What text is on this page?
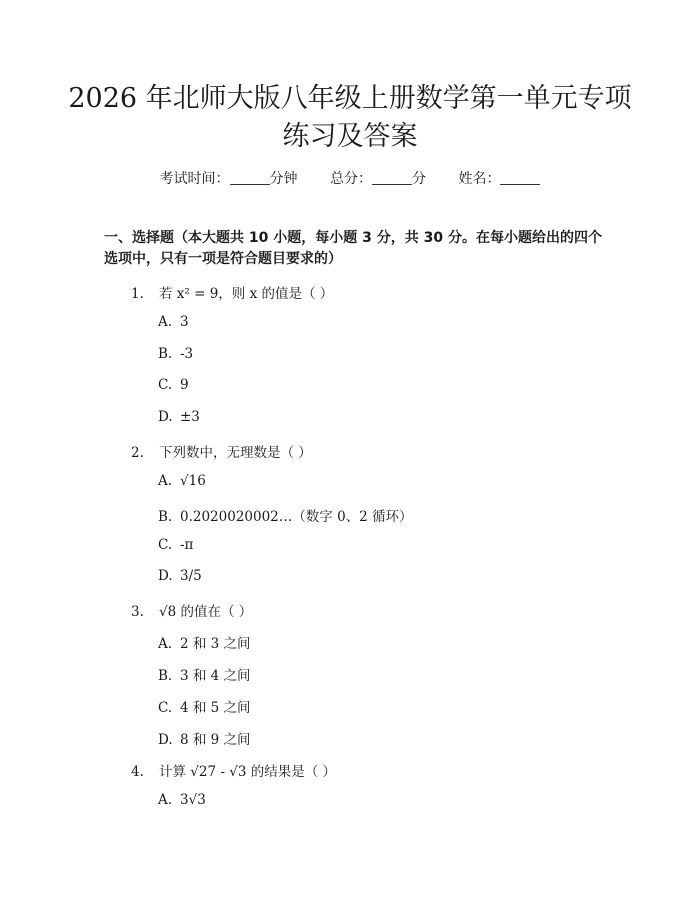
2026 年北师大版八年级上册数学第一单元专项练习及答案
考试时间：	分钟 总分：	分 姓名：
一、选择题（本大题共 10 小题，每小题 3 分，共 30 分。在每小题给出的四个选项中，只有一项是符合题目要求的）
1. 若 x² = 9，则 x 的值是（ ）
A. 3
B. -3
C. 9
D. ±3
2. 下列数中，无理数是（ ）
A. √16
B. 0.2020020002…（数字 0、2 循环）
C. -π
D. 3/5
3. √8 的值在（ ）
A. 2 和 3 之间
B. 3 和 4 之间
C. 4 和 5 之间
D. 8 和 9 之间
4. 计算 √27 - √3 的结果是（ ）
A. 3√3
